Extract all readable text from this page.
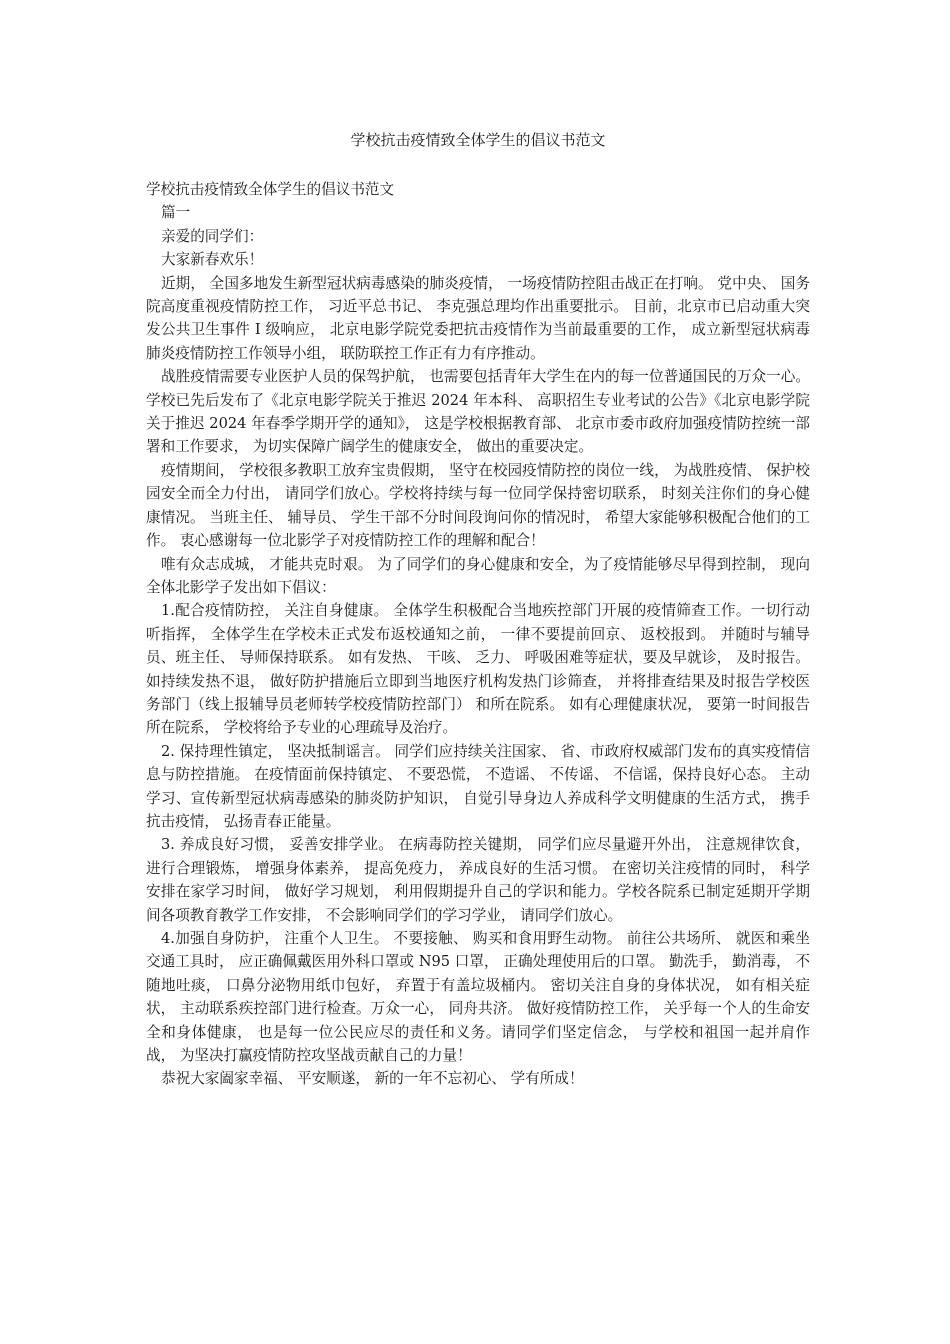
学校抗击疫情致全体学生的倡议书范文

学校抗击疫情致全体学生的倡议书范文

篇一

亲爱的同学们：

大家新春欢乐！

近期， 全国多地发生新型冠状病毒感染的肺炎疫情， 一场疫情防控阻击战正在打响。 党中央、 国务院高度重视疫情防控工作， 习近平总书记、 李克强总理均作出重要批示。 目前，北京市已启动重大突发公共卫生事件 I 级响应， 北京电影学院党委把抗击疫情作为当前最重要的工作， 成立新型冠状病毒肺炎疫情防控工作领导小组， 联防联控工作正有力有序推动。

战胜疫情需要专业医护人员的保驾护航， 也需要包括青年大学生在内的每一位普通国民的万众一心。 学校已先后发布了《北京电影学院关于推迟 2024 年本科、 高职招生专业考试的公告》《北京电影学院关于推迟 2024 年春季学期开学的通知》， 这是学校根据教育部、 北京市委市政府加强疫情防控统一部署和工作要求， 为切实保障广阔学生的健康安全， 做出的重要决定。

疫情期间， 学校很多教职工放弃宝贵假期， 坚守在校园疫情防控的岗位一线， 为战胜疫情、 保护校园安全而全力付出， 请同学们放心。学校将持续与每一位同学保持密切联系， 时刻关注你们的身心健康情况。 当班主任、 辅导员、 学生干部不分时间段询问你的情况时， 希望大家能够积极配合他们的工作。 衷心感谢每一位北影学子对疫情防控工作的理解和配合！

唯有众志成城， 才能共克时艰。 为了同学们的身心健康和安全，为了疫情能够尽早得到控制， 现向全体北影学子发出如下倡议：

1.配合疫情防控， 关注自身健康。 全体学生积极配合当地疾控部门开展的疫情筛查工作。一切行动听指挥， 全体学生在学校未正式发布返校通知之前， 一律不要提前回京、 返校报到。 并随时与辅导员、班主任、 导师保持联系。 如有发热、 干咳、 乏力、 呼吸困难等症状，要及早就诊， 及时报告。 如持续发热不退， 做好防护措施后立即到当地医疗机构发热门诊筛查， 并将排查结果及时报告学校医务部门（线上报辅导员老师转学校疫情防控部门） 和所在院系。 如有心理健康状况， 要第一时间报告所在院系， 学校将给予专业的心理疏导及治疗。

2. 保持理性镇定， 坚决抵制谣言。 同学们应持续关注国家、 省、市政府权威部门发布的真实疫情信息与防控措施。 在疫情面前保持镇定、 不要恐慌， 不造谣、 不传谣、 不信谣，保持良好心态。 主动学习、宣传新型冠状病毒感染的肺炎防护知识， 自觉引导身边人养成科学文明健康的生活方式， 携手抗击疫情， 弘扬青春正能量。

3. 养成良好习惯， 妥善安排学业。 在病毒防控关键期， 同学们应尽量避开外出， 注意规律饮食， 进行合理锻炼， 增强身体素养， 提高免疫力， 养成良好的生活习惯。 在密切关注疫情的同时， 科学安排在家学习时间， 做好学习规划， 利用假期提升自己的学识和能力。学校各院系已制定延期开学期间各项教育教学工作安排， 不会影响同学们的学习学业， 请同学们放心。

4.加强自身防护， 注重个人卫生。 不要接触、 购买和食用野生动物。 前往公共场所、 就医和乘坐交通工具时， 应正确佩戴医用外科口罩或 N95 口罩， 正确处理使用后的口罩。 勤洗手， 勤消毒， 不随地吐痰， 口鼻分泌物用纸巾包好， 弃置于有盖垃圾桶内。 密切关注自身的身体状况， 如有相关症状， 主动联系疾控部门进行检查。万众一心， 同舟共济。 做好疫情防控工作， 关乎每一个人的生命安全和身体健康， 也是每一位公民应尽的责任和义务。请同学们坚定信念， 与学校和祖国一起并肩作战， 为坚决打赢疫情防控攻坚战贡献自己的力量！

恭祝大家阖家幸福、 平安顺遂， 新的一年不忘初心、 学有所成！
